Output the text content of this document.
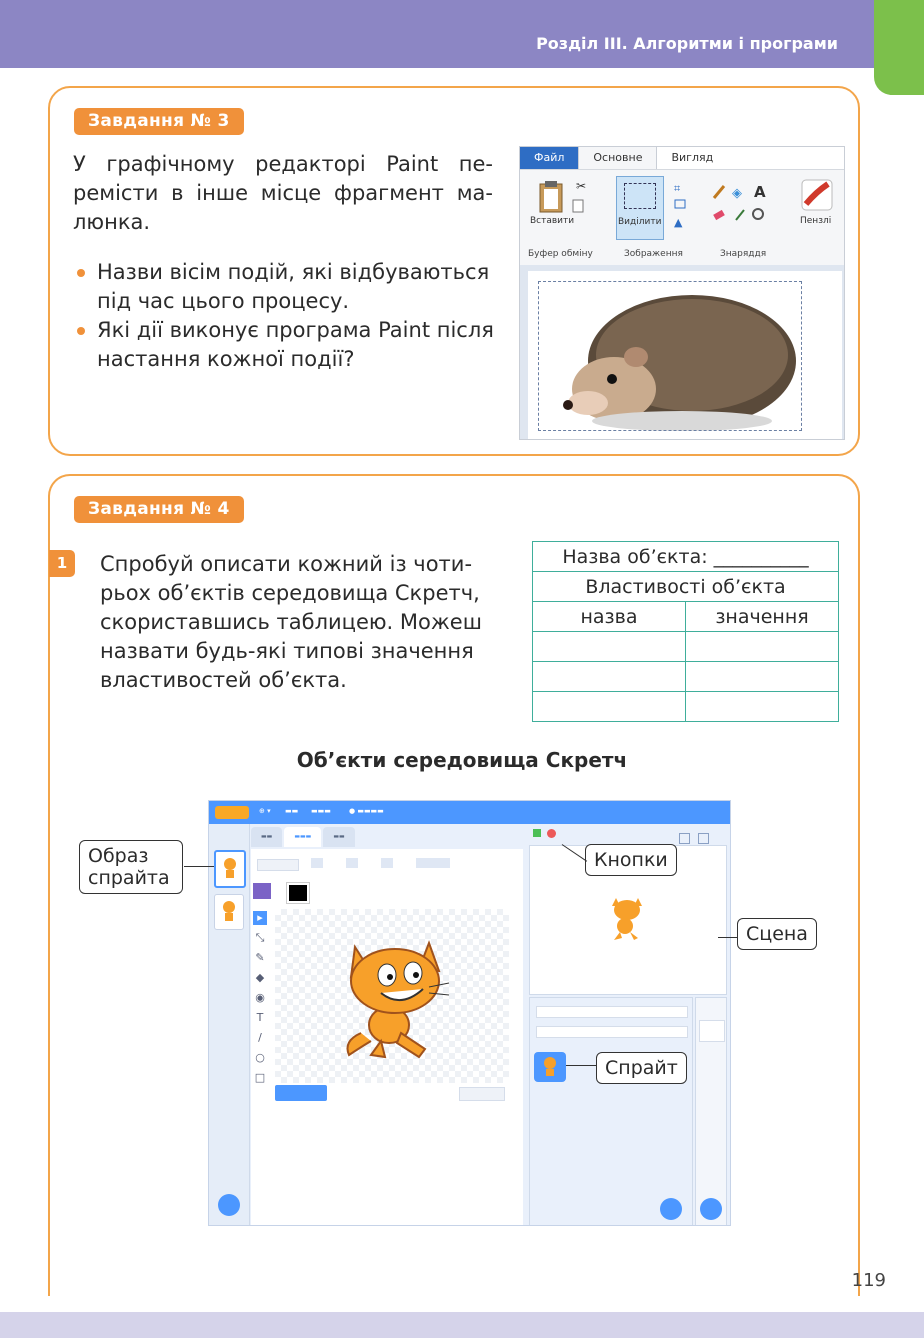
Розділ ІІІ. Алгоритми і програми
Завдання № 3
У графічному редакторі Paint перемісти в інше місце фрагмент малюнка.
Назви вісім подій, які відбуваються під час цього процесу.
Які дії виконує програма Paint після настання кожної події?
Файл	Основне	Вигляд
✂
Вставити	Виділити
⌗
▲
◈ A
Пензлі
Буфер обміну	Зображення	Знаряддя
Завдання № 4
1	Спробуй описати кожний із чотирьох об’єктів середовища Скретч, скориставшись таблицею. Можеш назвати будь-які типові значення властивостей об’єкта.
Назва об’єкта: __________	
Властивості об’єкта	
назва	значення

Об’єкти середовища Скретч
⊕ ▾ ▬▬ ▬▬▬	● ▬▬▬▬
▬▬	▬▬▬	▬▬

▸
⤡
✎
◆
◉
T
/
○
□

Образ спрайта
Кнопки
Сцена
Спрайт
119
